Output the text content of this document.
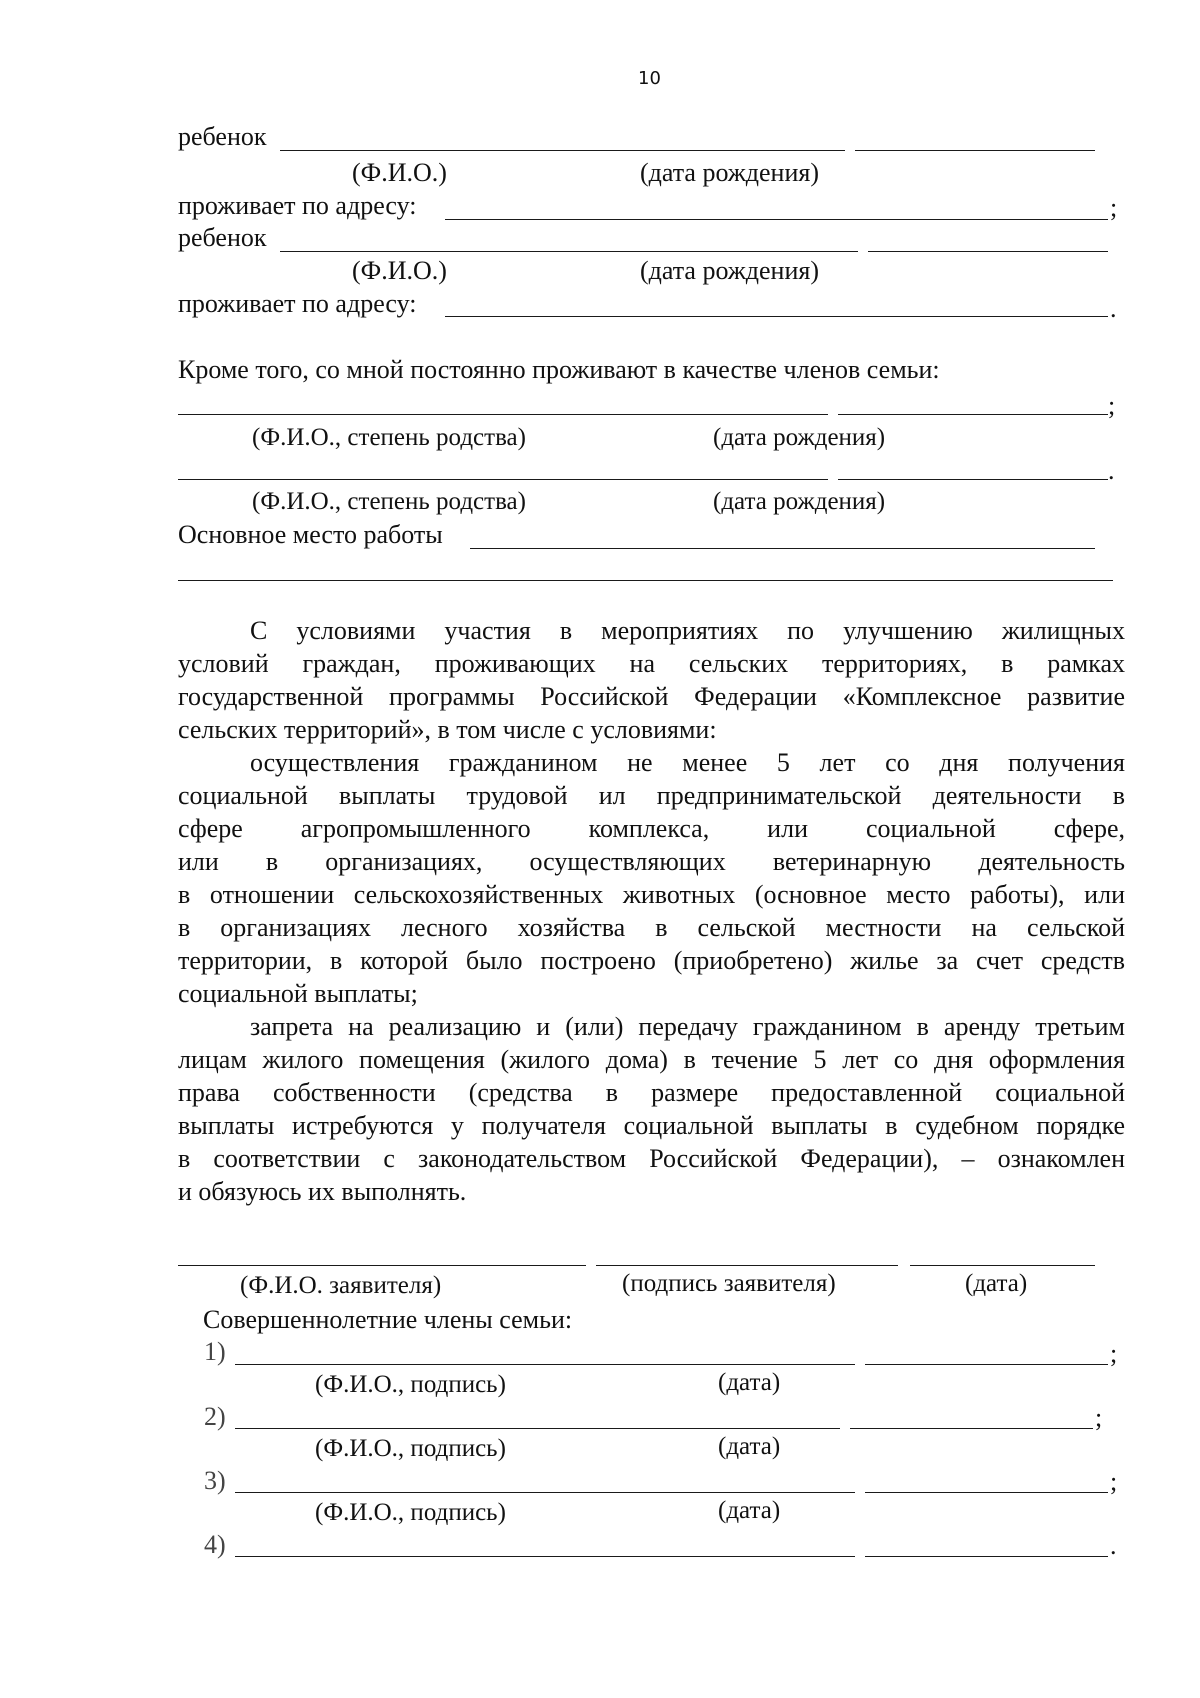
10
ребенок
(Ф.И.О.)	(дата рождения)
проживает по адресу:	;
ребенок
(Ф.И.О.)	(дата рождения)
проживает по адресу:	.
Кроме того, со мной постоянно проживают в качестве членов семьи:
;
(Ф.И.О., степень родства)	(дата рождения)
.
(Ф.И.О., степень родства)	(дата рождения)
Основное место работы
С условиями участия в мероприятиях по улучшению жилищных
условий граждан, проживающих на сельских территориях, в рамках
государственной программы Российской Федерации «Комплексное развитие
сельских территорий», в том числе с условиями:
осуществления гражданином не менее 5 лет со дня получения
социальной выплаты трудовой ил предпринимательской деятельности в
сфере агропромышленного комплекса, или социальной сфере,
или в организациях, осуществляющих ветеринарную деятельность
в отношении сельскохозяйственных животных (основное место работы), или
в организациях лесного хозяйства в сельской местности на сельской
территории, в которой было построено (приобретено) жилье за счет средств
социальной выплаты;
запрета на реализацию и (или) передачу гражданином в аренду третьим
лицам жилого помещения (жилого дома) в течение 5 лет со дня оформления
права собственности (средства в размере предоставленной социальной
выплаты истребуются у получателя социальной выплаты в судебном порядке
в соответствии с законодательством Российской Федерации), – ознакомлен
и обязуюсь их выполнять.
(Ф.И.О. заявителя)	(подпись заявителя)	(дата)
Совершеннолетние члены семьи:
1)	;
(Ф.И.О., подпись)	(дата)
2)	;
(Ф.И.О., подпись)	(дата)
3)	;
(Ф.И.О., подпись)	(дата)
4)	.
